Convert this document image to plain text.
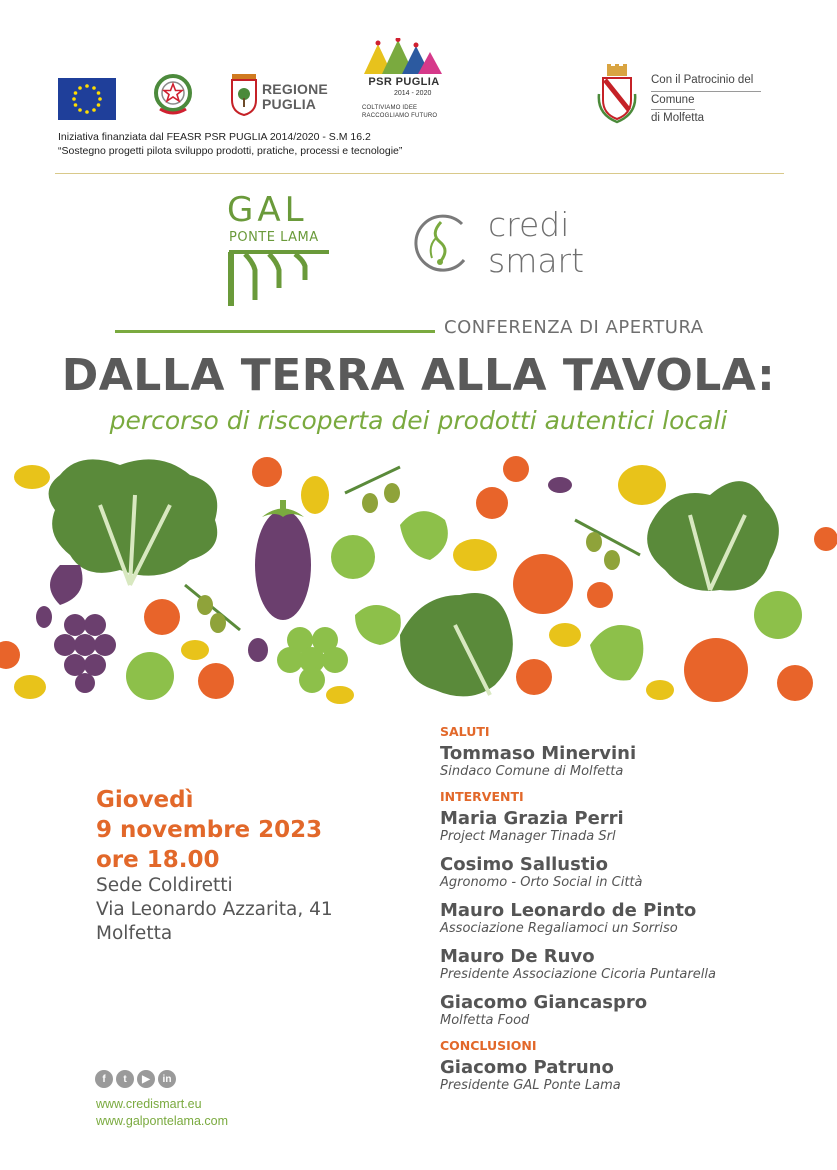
REGIONE
PUGLIA
PSR PUGLIA
2014 - 2020
COLTIVIAMO IDEE
RACCOGLIAMO FUTURO
Con il Patrocinio del
Comune
di Molfetta
Iniziativa finanziata dal FEASR PSR PUGLIA 2014/2020 - S.M 16.2
“Sostegno progetti pilota sviluppo prodotti, pratiche, processi e tecnologie”
GAL
PONTE LAMA	credi
smart
CONFERENZA DI APERTURA
DALLA TERRA ALLA TAVOLA:
percorso di riscoperta dei prodotti autentici locali
Giovedì
9 novembre 2023
ore 18.00
Sede Coldiretti
Via Leonardo Azzarita, 41
Molfetta
f	t	▶	in
www.credismart.eu
www.galpontelama.com
SALUTI
Tommaso Minervini
Sindaco Comune di Molfetta
INTERVENTI
Maria Grazia Perri
Project Manager Tinada Srl
Cosimo Sallustio
Agronomo - Orto Social in Città
Mauro Leonardo de Pinto
Associazione Regaliamoci un Sorriso
Mauro De Ruvo
Presidente Associazione Cicoria Puntarella
Giacomo Giancaspro
Molfetta Food
CONCLUSIONI
Giacomo Patruno
Presidente GAL Ponte Lama
